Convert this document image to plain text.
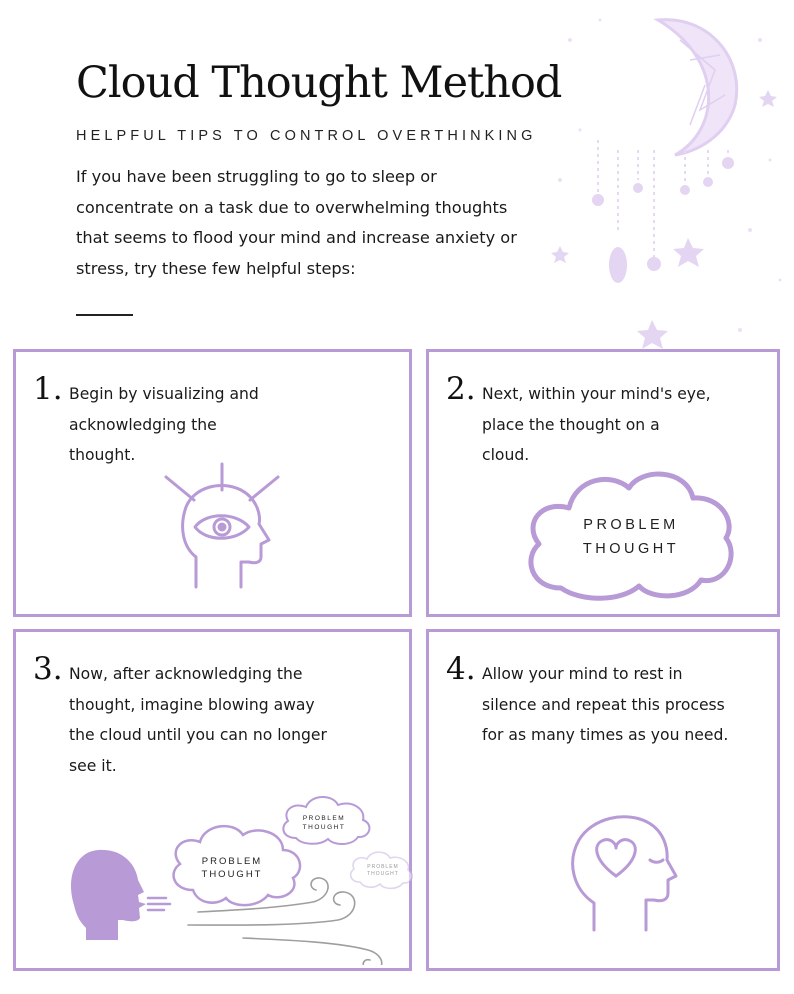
Cloud Thought Method
HELPFUL TIPS TO CONTROL OVERTHINKING
If you have been struggling to go to sleep or
concentrate on a task due to overwhelming thoughts
that seems to flood your mind and increase anxiety or
stress, try these few helpful steps:
1. Begin by visualizing and
acknowledging the
thought.
2. Next, within your mind's eye,
place the thought on a
cloud.
PROBLEM
THOUGHT
3. Now, after acknowledging the
thought, imagine blowing away
the cloud until you can no longer
see it.
PROBLEM
THOUGHT
PROBLEM
THOUGHT
PROBLEM
THOUGHT
4. Allow your mind to rest in
silence and repeat this process
for as many times as you need.
